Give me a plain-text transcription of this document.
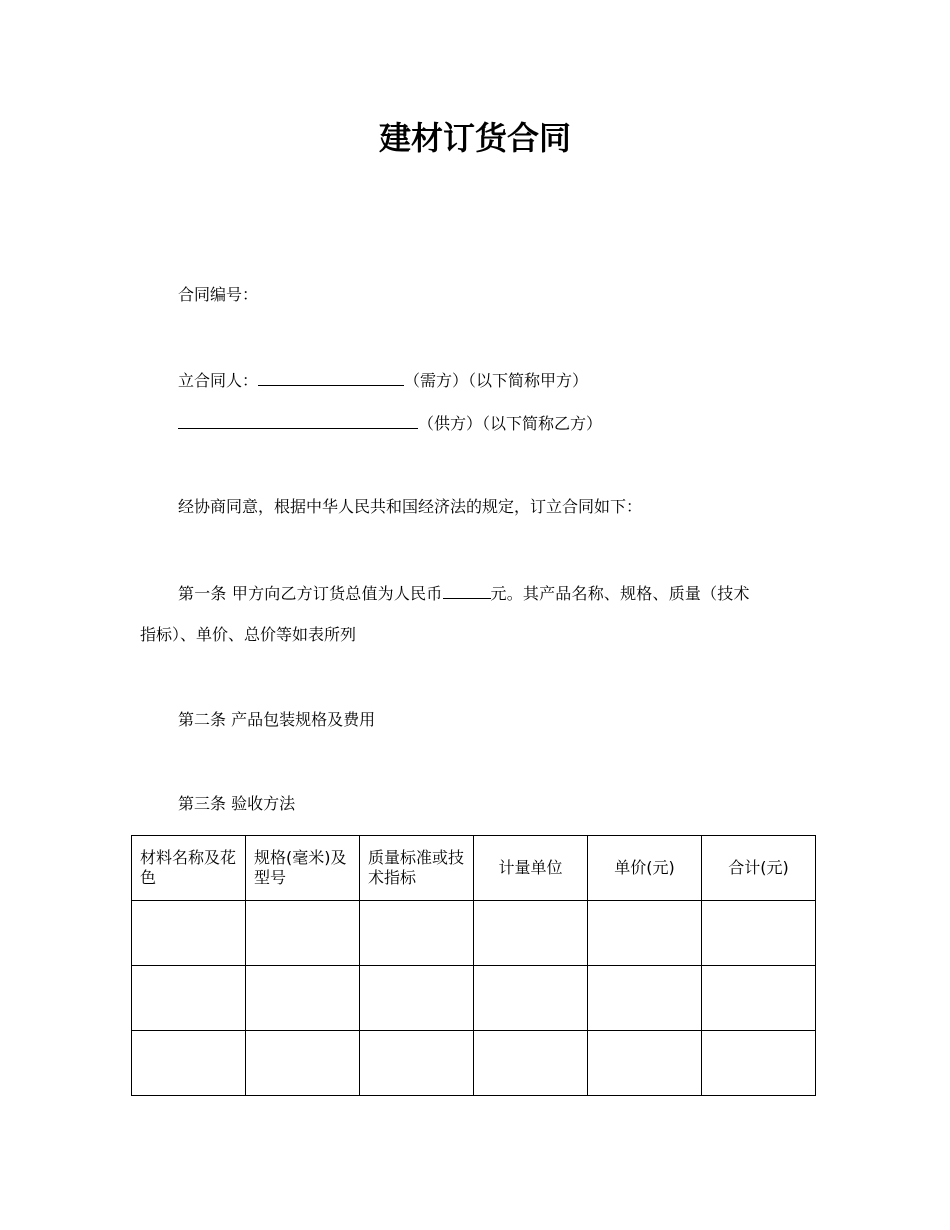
建材订货合同
合同编号：
立合同人：	（需方）（以下简称甲方）
（供方）（以下简称乙方）
经协商同意，根据中华人民共和国经济法的规定，订立合同如下：
第一条 甲方向乙方订货总值为人民币	元。其产品名称、规格、质量（技术
指标）、单价、总价等如表所列
第二条 产品包装规格及费用
第三条 验收方法
材料名称及花色	规格(毫米)及型号	质量标准或技术指标	计量单位	单价(元)	合计(元)
